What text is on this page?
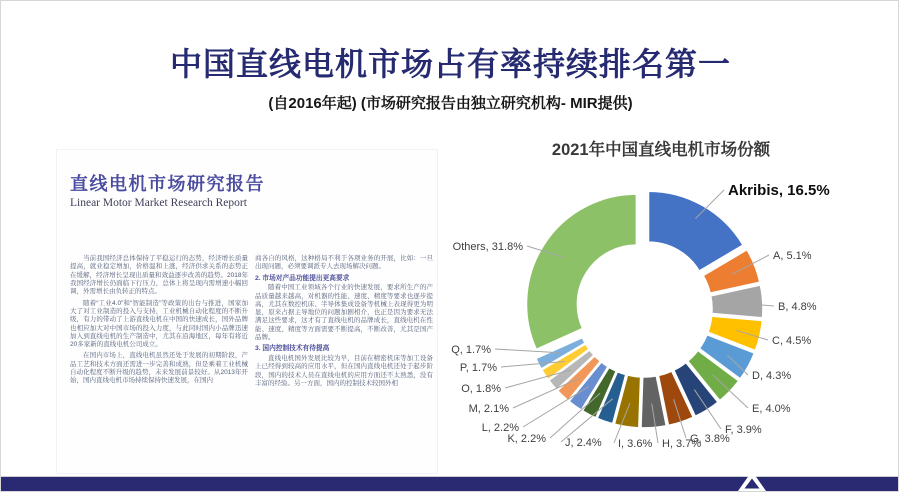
中国直线电机市场占有率持续排名第一

(自2016年起) (市场研究报告由独立研究机构- MIR提供)

直线电机市场研究报告

Linear Motor Market Research Report

当前我国经济总体保持了平稳运行的态势，经济增长质量提高，就业稳定增加，价格温和上涨，经济供求关系的态势正在缓解，经济增长呈现出质量和效益逐步改善的趋势。2018年我国经济增长仍面临下行压力，总体上将呈现内需增速小幅回调，外需增长由负转正的特点。

随着“工业4.0”和“智能制造”等政策的出台与推进，国家加大了对工业制造的投入与支持，工业机械自动化程度的不断升级，有力的带动了上游直线电机在中国的快速成长，国外品牌也相应加大对中国市场的投入力度，与此同时国内小品牌迅速加入到直线电机的生产制造中，尤其在沿海地区，每年有将近20多家新的直线电机公司成立。

在国内市场上，直线电机虽然还处于发展的初期阶段，产品工艺和技术方面还需进一步完善和成熟，但是乘着工业机械自动化程度不断升级的趋势，未来发展前景较好。从2013年开始，国内直线电机市场持续保持快速发展，在国内

商各自的风格，这种格局不利于各项业务的开展，比如：一旦出现问题，必须要调派专人去现场解决问题。

2. 市场对产品功能提出更高要求

随着中国工业领域各个行业的快速发展，要求所生产的产品质量越来越高，对机器的性能、速度、精度等要求也逐步提高，尤其在数控机床、半导体集成设备等机械上表现得更为明显，原来占据主导地位的问题加剧相介，也正是因为要求无法满足这些要求，这才有了直线电机的品牌成长，直线电机在性能、速度、精度等方面需要不断提高，不断改善，尤其是国产品牌。

3. 国内控制技术有待提高

直线电机国外发展比较为早，目前在精密机床等加工设备上已经得到较高的应用水平，但在国内直线电机还处于起步阶段，国内的技术人员在直线电机的应用方面还不太熟悉，没有丰富的经验。另一方面，国内的控制技术较国外相

2021年中国直线电机市场份额
Akribis, 16.5%
A, 5.1%
B, 4.8%
C, 4.5%
D, 4.3%
E, 4.0%
F, 3.9%
G, 3.8%
H, 3.7%
I, 3.6%
J, 2.4%
K, 2.2%
L, 2.2%
M, 2.1%
O, 1.8%
P, 1.7%
Q, 1.7%
Others, 31.8%
